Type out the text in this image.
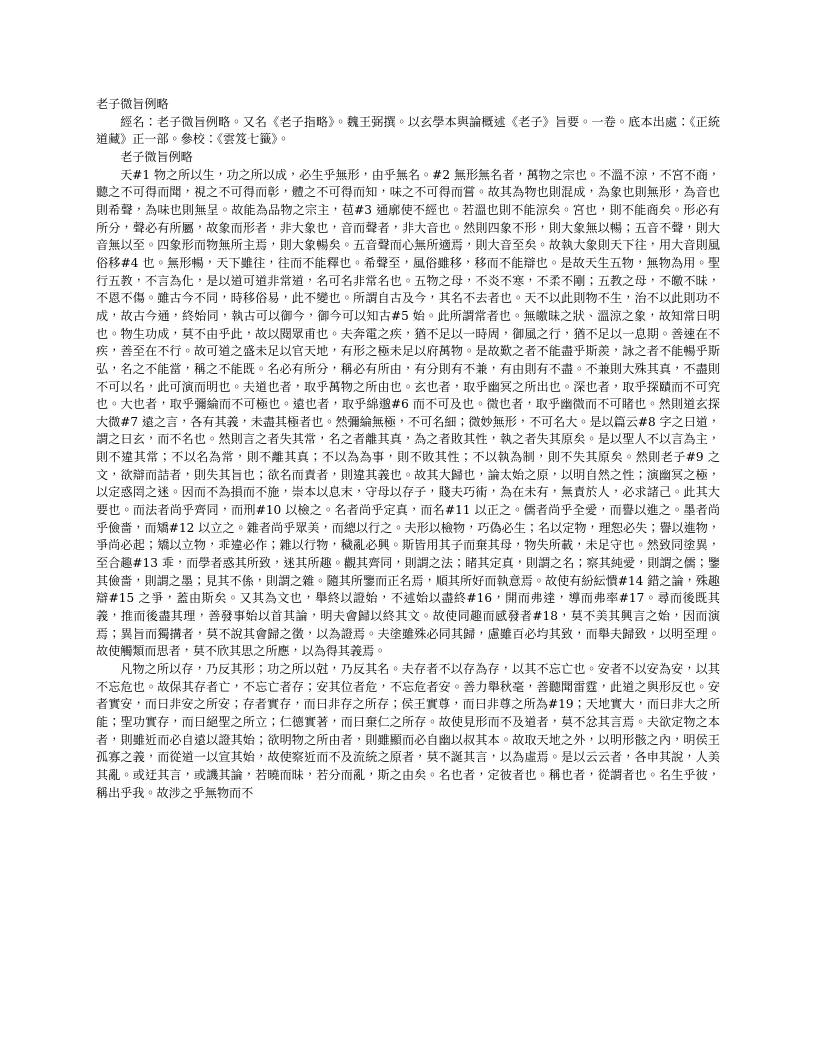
老子微旨例略
經名：老子微旨例略。又名《老子指略》。魏王弼撰。以玄學本與論概述《老子》旨要。一卷。底本出處：《正統道藏》正一部。參校：《雲笈七籤》。
老子微旨例略
天#1 物之所以生，功之所以成，必生乎無形，由乎無名。#2 無形無名者，萬物之宗也。不溫不涼，不宮不商，聽之不可得而聞，視之不可得而彰，體之不可得而知，味之不可得而嘗。故其為物也則混成，為象也則無形，為音也則希聲，為味也則無呈。故能為品物之宗主，苞#3 通廓使不經也。若溫也則不能涼矣。宮也，則不能商矣。形必有所分，聲必有所屬，故象而形者，非大象也，音而聲者，非大音也。然則四象不形，則大象無以暢；五音不聲，則大音無以至。四象形而物無所主焉，則大象暢矣。五音聲而心無所適焉，則大音至矣。故執大象則天下往，用大音則風俗移#4 也。無形暢，天下雖往，往而不能釋也。希聲至，風俗雖移，移而不能辯也。是故天生五物，無物為用。聖行五教，不言為化，是以道可道非常道，名可名非常名也。五物之母，不炎不寒，不柔不剛；五教之母，不皦不昧，不恩不傷。雖古今不同，時移俗易，此不變也。所謂自古及今，其名不去者也。天不以此則物不生，治不以此則功不成，故古今通，終始同，執古可以御今，御今可以知古#5 始。此所謂常者也。無皦昧之狀、溫涼之象，故知常曰明也。物生功成，莫不由乎此，故以閱眾甫也。夫奔電之疾，猶不足以一時周，御風之行，猶不足以一息期。善速在不疾，善至在不行。故可道之盛未足以官天地，有形之極未足以府萬物。是故歎之者不能盡乎斯羨，詠之者不能暢乎斯弘，名之不能當，稱之不能既。名必有所分，稱必有所由，有分則有不兼，有由則有不盡。不兼則大殊其真，不盡則不可以名，此可演而明也。夫道也者，取乎萬物之所由也。玄也者，取乎幽冥之所出也。深也者，取乎探賾而不可究也。大也者，取乎彌綸而不可極也。遠也者，取乎綿邈#6 而不可及也。微也者，取乎幽微而不可睹也。然則道玄探大微#7 遠之言，各有其義，未盡其極者也。然彌綸無極，不可名細；微妙無形，不可名大。是以篇云#8 字之曰道，謂之曰玄，而不名也。然則言之者失其常，名之者離其真，為之者敗其性，執之者失其原矣。是以聖人不以言為主，則不違其常；不以名為常，則不離其真；不以為為事，則不敗其性；不以執為制，則不失其原矣。然則老子#9 之文，欲辯而詰者，則失其旨也；欲名而責者，則違其義也。故其大歸也，論太始之原，以明自然之性；演幽冥之極，以定惑罔之迷。因而不為損而不施，崇本以息末，守母以存子，賤夫巧術，為在未有，無責於人，必求諸己。此其大要也。而法者尚乎齊同，而刑#10 以檢之。名者尚乎定真，而名#11 以正之。儒者尚乎全愛，而譽以進之。墨者尚乎儉嗇，而矯#12 以立之。雜者尚乎眾美，而總以行之。夫形以檢物，巧偽必生；名以定物，理恕必失；譽以進物，爭尚必起；矯以立物，乖違必作；雜以行物，穢亂必興。斯皆用其子而棄其母，物失所載，未足守也。然致同塗異，至合趣#13 乖，而學者惑其所致，迷其所趣。觀其齊同，則謂之法；睹其定真，則謂之名；察其純愛，則謂之儒；鑒其儉嗇，則謂之墨；見其不係，則謂之雜。隨其所鑒而正名焉，順其所好而執意焉。故使有紛紜憒#14 錯之論，殊趣辯#15 之爭，蓋由斯矣。又其為文也，舉終以證始，不述始以盡終#16，開而弗達，導而弗率#17。尋而後既其義，推而後盡其理，善發事始以首其論，明夫會歸以終其文。故使同趣而感發者#18，莫不美其興言之始，因而演焉；異旨而獨搆者，莫不說其會歸之徵，以為證焉。夫塗雖殊必同其歸，慮雖百必均其致，而舉夫歸致，以明至理。故使觸類而思者，莫不欣其思之所應，以為得其義焉。
凡物之所以存，乃反其形；功之所以尅，乃反其名。夫存者不以存為存，以其不忘亡也。安者不以安為安，以其不忘危也。故保其存者亡，不忘亡者存；安其位者危，不忘危者安。善力舉秋毫，善聽聞雷霆，此道之與形反也。安者實安，而曰非安之所安；存者實存，而曰非存之所存；侯王實尊，而曰非尊之所為#19；天地實大，而曰非大之所能；聖功實存，而曰絕聖之所立；仁德實著，而曰棄仁之所存。故使見形而不及道者，莫不忿其言焉。夫欲定物之本者，則雖近而必自遠以證其始；欲明物之所由者，則雖顯而必自幽以叔其本。故取天地之外，以明形骸之內，明侯王孤寡之義，而從道一以宣其始，故使察近而不及流統之原者，莫不誕其言，以為虛焉。是以云云者，各申其說，人美其亂。或迂其言，或譏其論，若曉而昧，若分而亂，斯之由矣。名也者，定彼者也。稱也者，從謂者也。名生乎彼，稱出乎我。故涉之乎無物而不
